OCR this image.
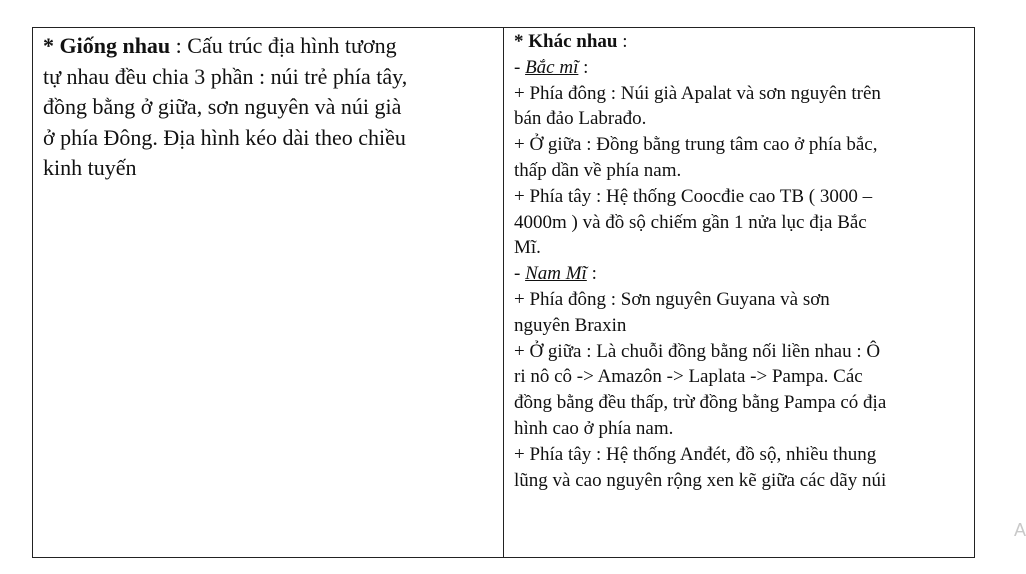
* Giống nhau : Cấu trúc địa hình tương
tự nhau đều chia 3 phần : núi trẻ phía tây,
đồng bằng ở giữa, sơn nguyên và núi già
ở phía Đông. Địa hình kéo dài theo chiều
kinh tuyến
* Khác nhau :
- Bắc mĩ :
+ Phía đông : Núi già Apalat và sơn nguyên trên
bán đảo Labrađo.
+ Ở giữa : Đồng bằng trung tâm cao ở phía bắc,
thấp dần về phía nam.
+ Phía tây : Hệ thống Coocđie cao TB ( 3000 –
4000m ) và đồ sộ chiếm gần 1 nửa lục địa Bắc
Mĩ.
- Nam Mĩ :
+ Phía đông : Sơn nguyên Guyana và sơn
nguyên Braxin
+ Ở giữa : Là chuỗi đồng bằng nối liền nhau : Ô
ri nô cô -> Amazôn -> Laplata -> Pampa. Các
đồng bằng đều thấp, trừ đồng bằng Pampa có địa
hình cao ở phía nam.
+ Phía tây : Hệ thống Anđét, đồ sộ, nhiều thung
lũng và cao nguyên rộng xen kẽ giữa các dãy núi
A
